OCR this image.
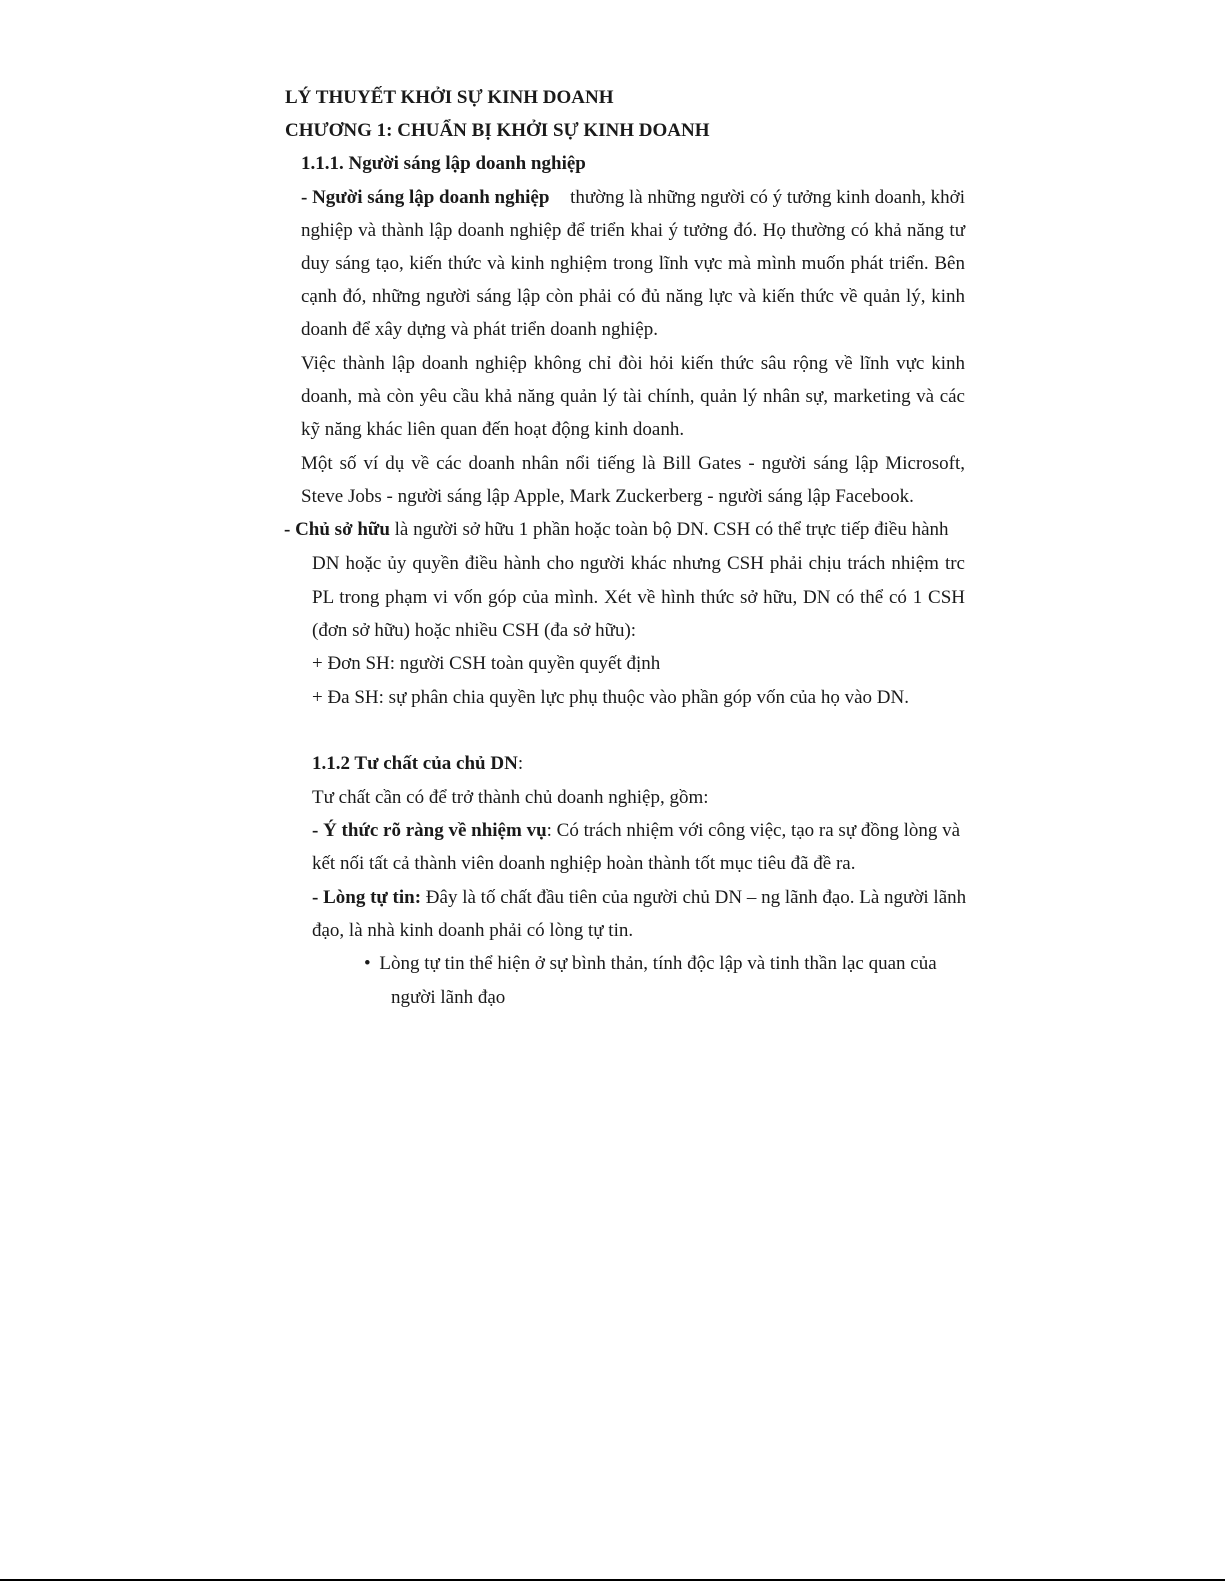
LÝ THUYẾT KHỞI SỰ KINH DOANH
CHƯƠNG 1: CHUẨN BỊ KHỞI SỰ KINH DOANH
1.1.1. Người sáng lập doanh nghiệp
- Người sáng lập doanh nghiệp thường là những người có ý tưởng kinh doanh, khởi
nghiệp và thành lập doanh nghiệp để triển khai ý tưởng đó. Họ thường có khả năng tư
duy sáng tạo, kiến thức và kinh nghiệm trong lĩnh vực mà mình muốn phát triển. Bên
cạnh đó, những người sáng lập còn phải có đủ năng lực và kiến thức về quản lý, kinh
doanh để xây dựng và phát triển doanh nghiệp.
Việc thành lập doanh nghiệp không chỉ đòi hỏi kiến thức sâu rộng về lĩnh vực kinh
doanh, mà còn yêu cầu khả năng quản lý tài chính, quản lý nhân sự, marketing và các
kỹ năng khác liên quan đến hoạt động kinh doanh.
Một số ví dụ về các doanh nhân nổi tiếng là Bill Gates - người sáng lập Microsoft,
Steve Jobs - người sáng lập Apple, Mark Zuckerberg - người sáng lập Facebook.
- Chủ sở hữu là người sở hữu 1 phần hoặc toàn bộ DN. CSH có thể trực tiếp điều hành
DN hoặc ủy quyền điều hành cho người khác nhưng CSH phải chịu trách nhiệm trc
PL trong phạm vi vốn góp của mình. Xét về hình thức sở hữu, DN có thể có 1 CSH
(đơn sở hữu) hoặc nhiều CSH (đa sở hữu):
+ Đơn SH: người CSH toàn quyền quyết định
+ Đa SH: sự phân chia quyền lực phụ thuộc vào phần góp vốn của họ vào DN.
1.1.2 Tư chất của chủ DN:
Tư chất cần có để trở thành chủ doanh nghiệp, gồm:
- Ý thức rõ ràng về nhiệm vụ: Có trách nhiệm với công việc, tạo ra sự đồng lòng và
kết nối tất cả thành viên doanh nghiệp hoàn thành tốt mục tiêu đã đề ra.
- Lòng tự tin: Đây là tố chất đầu tiên của người chủ DN – ng lãnh đạo. Là người lãnh
đạo, là nhà kinh doanh phải có lòng tự tin.
• Lòng tự tin thể hiện ở sự bình thản, tính độc lập và tinh thần lạc quan của
người lãnh đạo
